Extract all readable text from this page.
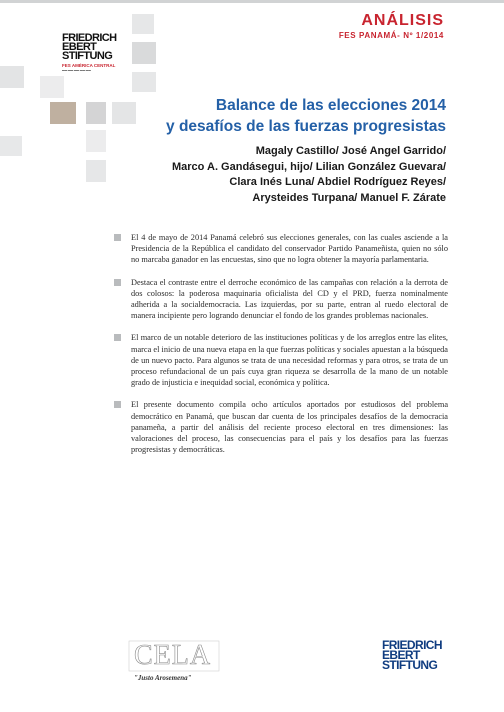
ANÁLISIS
FES PANAMÁ- Nº 1/2014
FRIEDRICH
EBERT
STIFTUNG
FES AMÉRICA CENTRAL
▬▬ ▬▬ ▬▬ ▬▬ ▬▬
Balance de las elecciones 2014
y desafíos de las fuerzas progresistas
Magaly Castillo/ José Angel Garrido/
Marco A. Gandásegui, hijo/ Lilian González Guevara/
Clara Inés Luna/ Abdiel Rodríguez Reyes/
Arysteides Turpana/ Manuel F. Zárate

El 4 de mayo de 2014 Panamá celebró sus elecciones generales, con las cuales asciende a la Presidencia de la República el candidato del conservador Partido Panameñista, quien no sólo no marcaba ganador en las encuestas, sino que no logra obtener la mayoría parlamentaria.

Destaca el contraste entre el derroche económico de las campañas con relación a la derrota de dos colosos: la poderosa maquinaria oficialista del CD y el PRD, fuerza nominalmente adherida a la socialdemocracia. Las izquierdas, por su parte, entran al ruedo electoral de manera incipiente pero logrando denunciar el fondo de los grandes problemas nacionales.

El marco de un notable deterioro de las instituciones políticas y de los arreglos entre las elites, marca el inicio de una nueva etapa en la que fuerzas políticas y sociales apuestan a la búsqueda de un nuevo pacto. Para algunos se trata de una necesidad reformas y para otros, se trata de un proceso refundacional de un país cuya gran riqueza se desarrolla de la mano de un notable grado de injusticia e inequidad social, económica y política.

El presente documento compila ocho artículos aportados por estudiosos del problema democrático en Panamá, que buscan dar cuenta de los principales desafíos de la democracia panameña, a partir del análisis del reciente proceso electoral en tres dimensiones: las valoraciones del proceso, las consecuencias para el país y los desafíos para las fuerzas progresistas y democráticas.

CELA
"Justo Arosemena"
FRIEDRICH
EBERT
STIFTUNG
